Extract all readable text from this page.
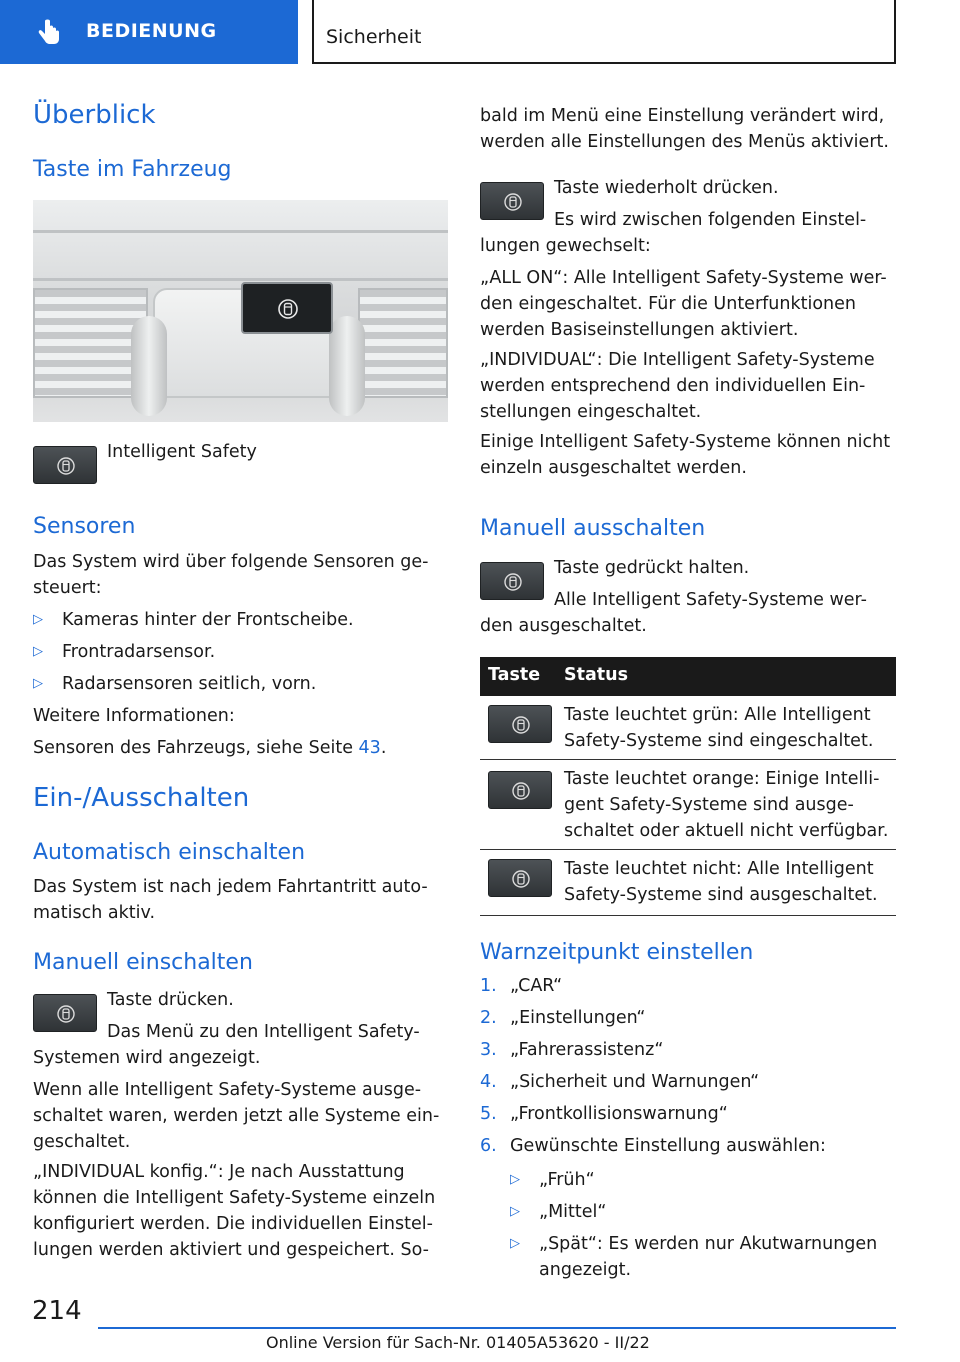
BEDIENUNG	Sicherheit
Überblick
Taste im Fahrzeug
Intelligent Safety
Sensoren
Das System wird über folgende Sensoren ge-steuert:
▷ Kameras hinter der Frontscheibe.
▷ Frontradarsensor.
▷ Radarsensoren seitlich, vorn.
Weitere Informationen:
Sensoren des Fahrzeugs, siehe Seite 43.
Ein-/Ausschalten
Automatisch einschalten
Das System ist nach jedem Fahrtantritt auto-matisch aktiv.
Manuell einschalten
Taste drücken.
Das Menü zu den Intelligent Safety-Systemen wird angezeigt.
Wenn alle Intelligent Safety-Systeme ausge-schaltet waren, werden jetzt alle Systeme ein-geschaltet.
„INDIVIDUAL konfig.“: Je nach Ausstattung können die Intelligent Safety-Systeme einzeln konfiguriert werden. Die individuellen Einstel-lungen werden aktiviert und gespeichert. So-
bald im Menü eine Einstellung verändert wird, werden alle Einstellungen des Menüs aktiviert.
Taste wiederholt drücken.
Es wird zwischen folgenden Einstel-lungen gewechselt:
„ALL ON“: Alle Intelligent Safety-Systeme wer-den eingeschaltet. Für die Unterfunktionen werden Basiseinstellungen aktiviert.
„INDIVIDUAL“: Die Intelligent Safety-Systeme werden entsprechend den individuellen Ein-stellungen eingeschaltet.
Einige Intelligent Safety-Systeme können nicht einzeln ausgeschaltet werden.
Manuell ausschalten
Taste gedrückt halten.
Alle Intelligent Safety-Systeme wer-den ausgeschaltet.
Taste Status
Taste leuchtet grün: Alle Intelligent Safety-Systeme sind eingeschaltet.
Taste leuchtet orange: Einige Intelli-gent Safety-Systeme sind ausge-schaltet oder aktuell nicht verfügbar.
Taste leuchtet nicht: Alle Intelligent Safety-Systeme sind ausgeschaltet.
Warnzeitpunkt einstellen
1. „CAR“
2. „Einstellungen“
3. „Fahrerassistenz“
4. „Sicherheit und Warnungen“
5. „Frontkollisionswarnung“
6. Gewünschte Einstellung auswählen:
▷ „Früh“
▷ „Mittel“
▷ „Spät“: Es werden nur Akutwarnungen angezeigt.
214
Online Version für Sach-Nr. 01405A53620 - II/22
